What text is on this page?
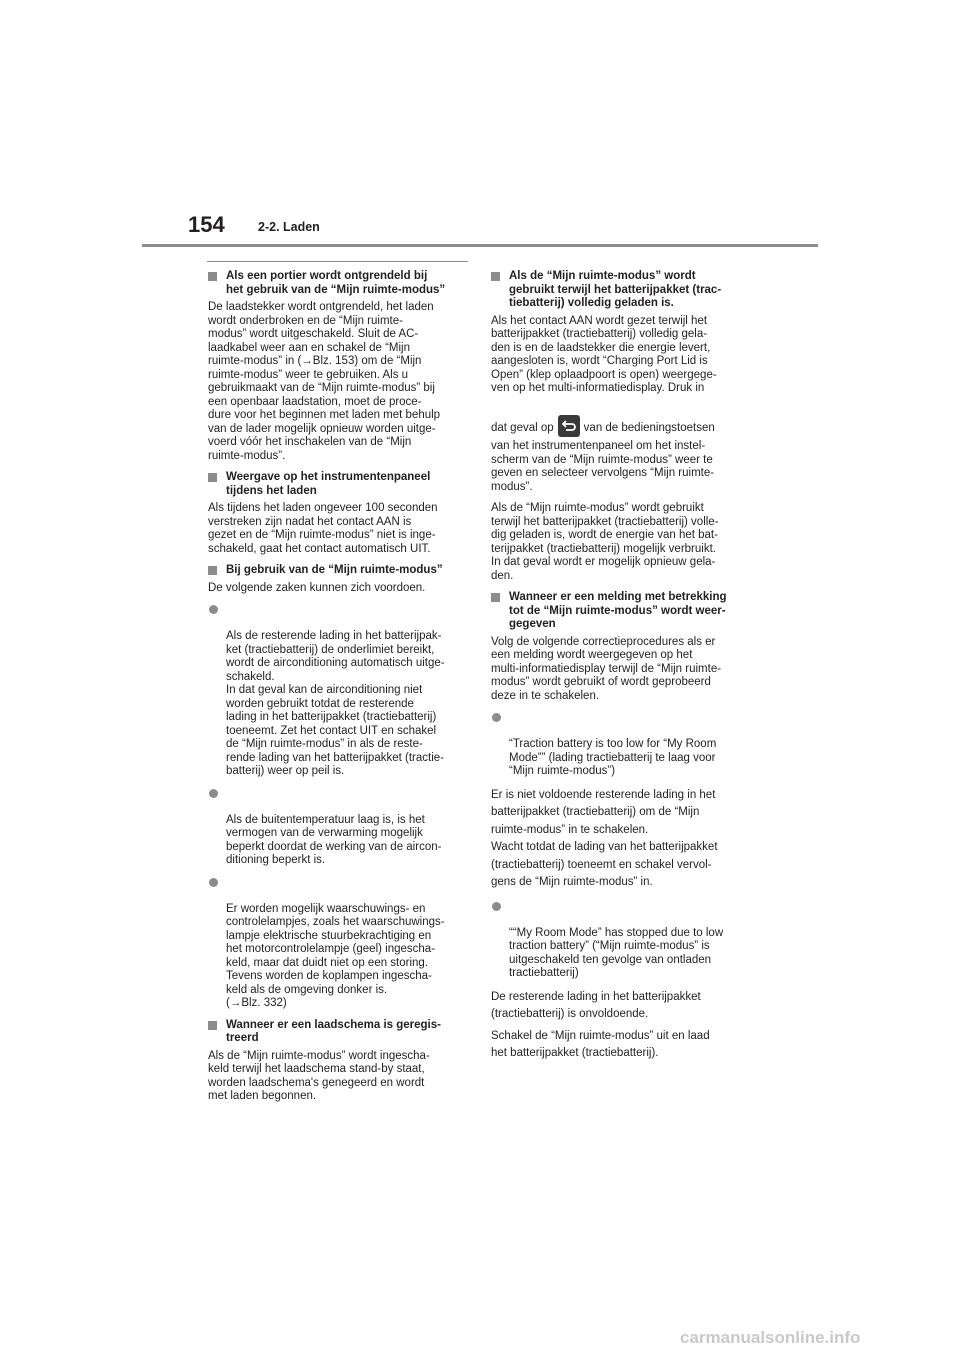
154	2-2. Laden
Als een portier wordt ontgrendeld bij
het gebruik van de “Mijn ruimte-modus”
De laadstekker wordt ontgrendeld, het laden
wordt onderbroken en de “Mijn ruimte-
modus” wordt uitgeschakeld. Sluit de AC-
laadkabel weer aan en schakel de “Mijn
ruimte-modus” in (→Blz. 153) om de “Mijn
ruimte-modus” weer te gebruiken. Als u
gebruikmaakt van de “Mijn ruimte-modus” bij
een openbaar laadstation, moet de proce-
dure voor het beginnen met laden met behulp
van de lader mogelijk opnieuw worden uitge-
voerd vóór het inschakelen van de “Mijn
ruimte-modus”.
Weergave op het instrumentenpaneel
tijdens het laden
Als tijdens het laden ongeveer 100 seconden
verstreken zijn nadat het contact AAN is
gezet en de “Mijn ruimte-modus” niet is inge-
schakeld, gaat het contact automatisch UIT.
Bij gebruik van de “Mijn ruimte-modus”
De volgende zaken kunnen zich voordoen.

Als de resterende lading in het batterijpak-
ket (tractiebatterij) de onderlimiet bereikt,
wordt de airconditioning automatisch uitge-
schakeld.
In dat geval kan de airconditioning niet
worden gebruikt totdat de resterende
lading in het batterijpakket (tractiebatterij)
toeneemt. Zet het contact UIT en schakel
de “Mijn ruimte-modus” in als de reste-
rende lading van het batterijpakket (tractie-
batterij) weer op peil is.

Als de buitentemperatuur laag is, is het
vermogen van de verwarming mogelijk
beperkt doordat de werking van de aircon-
ditioning beperkt is.

Er worden mogelijk waarschuwings- en
controlelampjes, zoals het waarschuwings-
lampje elektrische stuurbekrachtiging en
het motorcontrolelampje (geel) ingescha-
keld, maar dat duidt niet op een storing.
Tevens worden de koplampen ingescha-
keld als de omgeving donker is.
(→Blz. 332)

Wanneer er een laadschema is geregis-
treerd
Als de “Mijn ruimte-modus” wordt ingescha-
keld terwijl het laadschema stand-by staat,
worden laadschema's genegeerd en wordt
met laden begonnen.
Als de “Mijn ruimte-modus” wordt
gebruikt terwijl het batterijpakket (trac-
tiebatterij) volledig geladen is.
Als het contact AAN wordt gezet terwijl het
batterijpakket (tractiebatterij) volledig gela-
den is en de laadstekker die energie levert,
aangesloten is, wordt “Charging Port Lid is
Open” (klep oplaadpoort is open) weergege-
ven op het multi-informatiedisplay. Druk in

dat geval op	van de bedieningstoetsen

van het instrumentenpaneel om het instel-
scherm van de “Mijn ruimte-modus” weer te
geven en selecteer vervolgens “Mijn ruimte-
modus”.
Als de “Mijn ruimte-modus” wordt gebruikt
terwijl het batterijpakket (tractiebatterij) volle-
dig geladen is, wordt de energie van het bat-
terijpakket (tractiebatterij) mogelijk verbruikt.
In dat geval wordt er mogelijk opnieuw gela-
den.
Wanneer er een melding met betrekking
tot de “Mijn ruimte-modus” wordt weer-
gegeven
Volg de volgende correctieprocedures als er
een melding wordt weergegeven op het
multi-informatiedisplay terwijl de “Mijn ruimte-
modus” wordt gebruikt of wordt geprobeerd
deze in te schakelen.

“Traction battery is too low for “My Room
Mode”” (lading tractiebatterij te laag voor
“Mijn ruimte-modus”)

Er is niet voldoende resterende lading in het
batterijpakket (tractiebatterij) om de “Mijn
ruimte-modus” in te schakelen.
Wacht totdat de lading van het batterijpakket
(tractiebatterij) toeneemt en schakel vervol-
gens de “Mijn ruimte-modus” in.

““My Room Mode” has stopped due to low
traction battery” (“Mijn ruimte-modus” is
uitgeschakeld ten gevolge van ontladen
tractiebatterij)

De resterende lading in het batterijpakket
(tractiebatterij) is onvoldoende.
Schakel de “Mijn ruimte-modus” uit en laad
het batterijpakket (tractiebatterij).
carmanualsonline.info
